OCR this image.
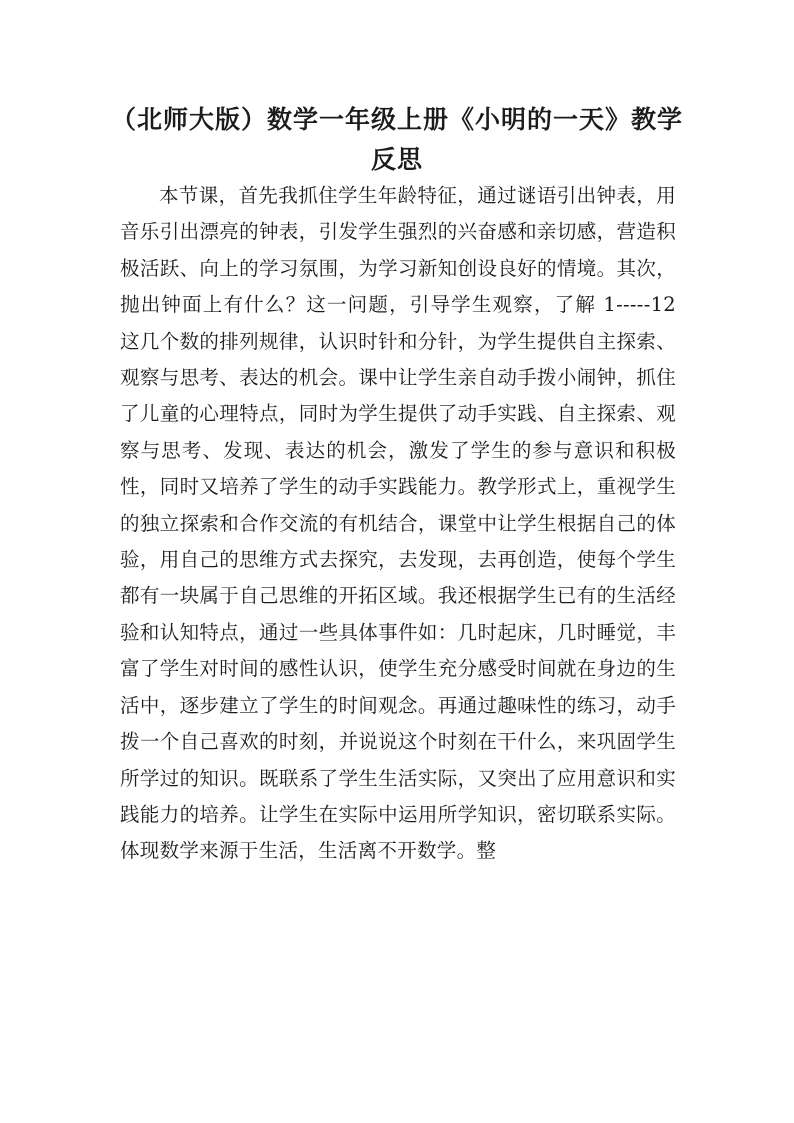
（北师大版）数学一年级上册《小明的一天》教学反思
本节课，首先我抓住学生年龄特征，通过谜语引出钟表，用音乐引出漂亮的钟表，引发学生强烈的兴奋感和亲切感，营造积极活跃、向上的学习氛围，为学习新知创设良好的情境。其次，抛出钟面上有什么？这一问题，引导学生观察，了解 1-----12 这几个数的排列规律，认识时针和分针，为学生提供自主探索、观察与思考、表达的机会。课中让学生亲自动手拨小闹钟，抓住了儿童的心理特点，同时为学生提供了动手实践、自主探索、观察与思考、发现、表达的机会，激发了学生的参与意识和积极性，同时又培养了学生的动手实践能力。教学形式上，重视学生的独立探索和合作交流的有机结合，课堂中让学生根据自己的体验，用自己的思维方式去探究，去发现，去再创造，使每个学生都有一块属于自己思维的开拓区域。我还根据学生已有的生活经验和认知特点，通过一些具体事件如：几时起床，几时睡觉，丰富了学生对时间的感性认识，使学生充分感受时间就在身边的生活中，逐步建立了学生的时间观念。再通过趣味性的练习，动手拨一个自己喜欢的时刻，并说说这个时刻在干什么，来巩固学生所学过的知识。既联系了学生生活实际，又突出了应用意识和实践能力的培养。让学生在实际中运用所学知识，密切联系实际。体现数学来源于生活，生活离不开数学。整
